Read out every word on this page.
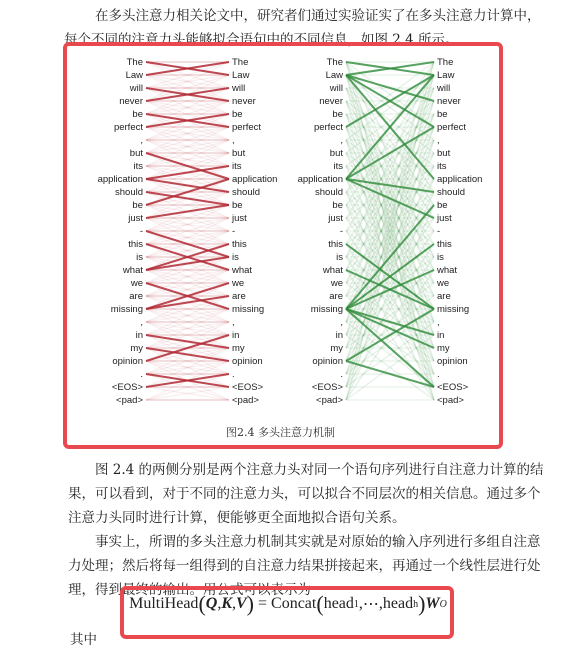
在多头注意力相关论文中，研究者们通过实验证实了在多头注意力计算中，
每个不同的注意力头能够拟合语句中的不同信息，如图 2.4 所示。
The	The	The	The
Law	Law	Law	Law
will	will	will	will
never	never	never	never
be	be	be	be
perfect	perfect	perfect	perfect
,	,	,	,
but	but	but	but
its	its	its	its
application	application application	application
should	should	should	should
be	be	be	be
just	just	just	just
-	-	-	-
this	this	this	this
is	is	is	is
what	what	what	what
we	we	we	we
are	are	are	are
missing	missing	missing	missing
,	,	,	,
in	in	in	in
my	my	my	my
opinion	opinion	opinion	opinion
.	.	.	.
<EOS>	<EOS>	<EOS>	<EOS>
<pad>	<pad>	<pad>	<pad>
图2.4 多头注意力机制
图 2.4 的两侧分别是两个注意力头对同一个语句序列进行自注意力计算的结
果，可以看到，对于不同的注意力头，可以拟合不同层次的相关信息。通过多个
注意力头同时进行计算，便能够更全面地拟合语句关系。
事实上，所谓的多头注意力机制其实就是对原始的输入序列进行多组自注意
力处理；然后将每一组得到的自注意力结果拼接起来，再通过一个线性层进行处
理，得到最终的输出。用公式可以表示为
MultiHead ( Q , K , V ) = Concat ( head 1 , ⋯ , head h ) W O
其中
